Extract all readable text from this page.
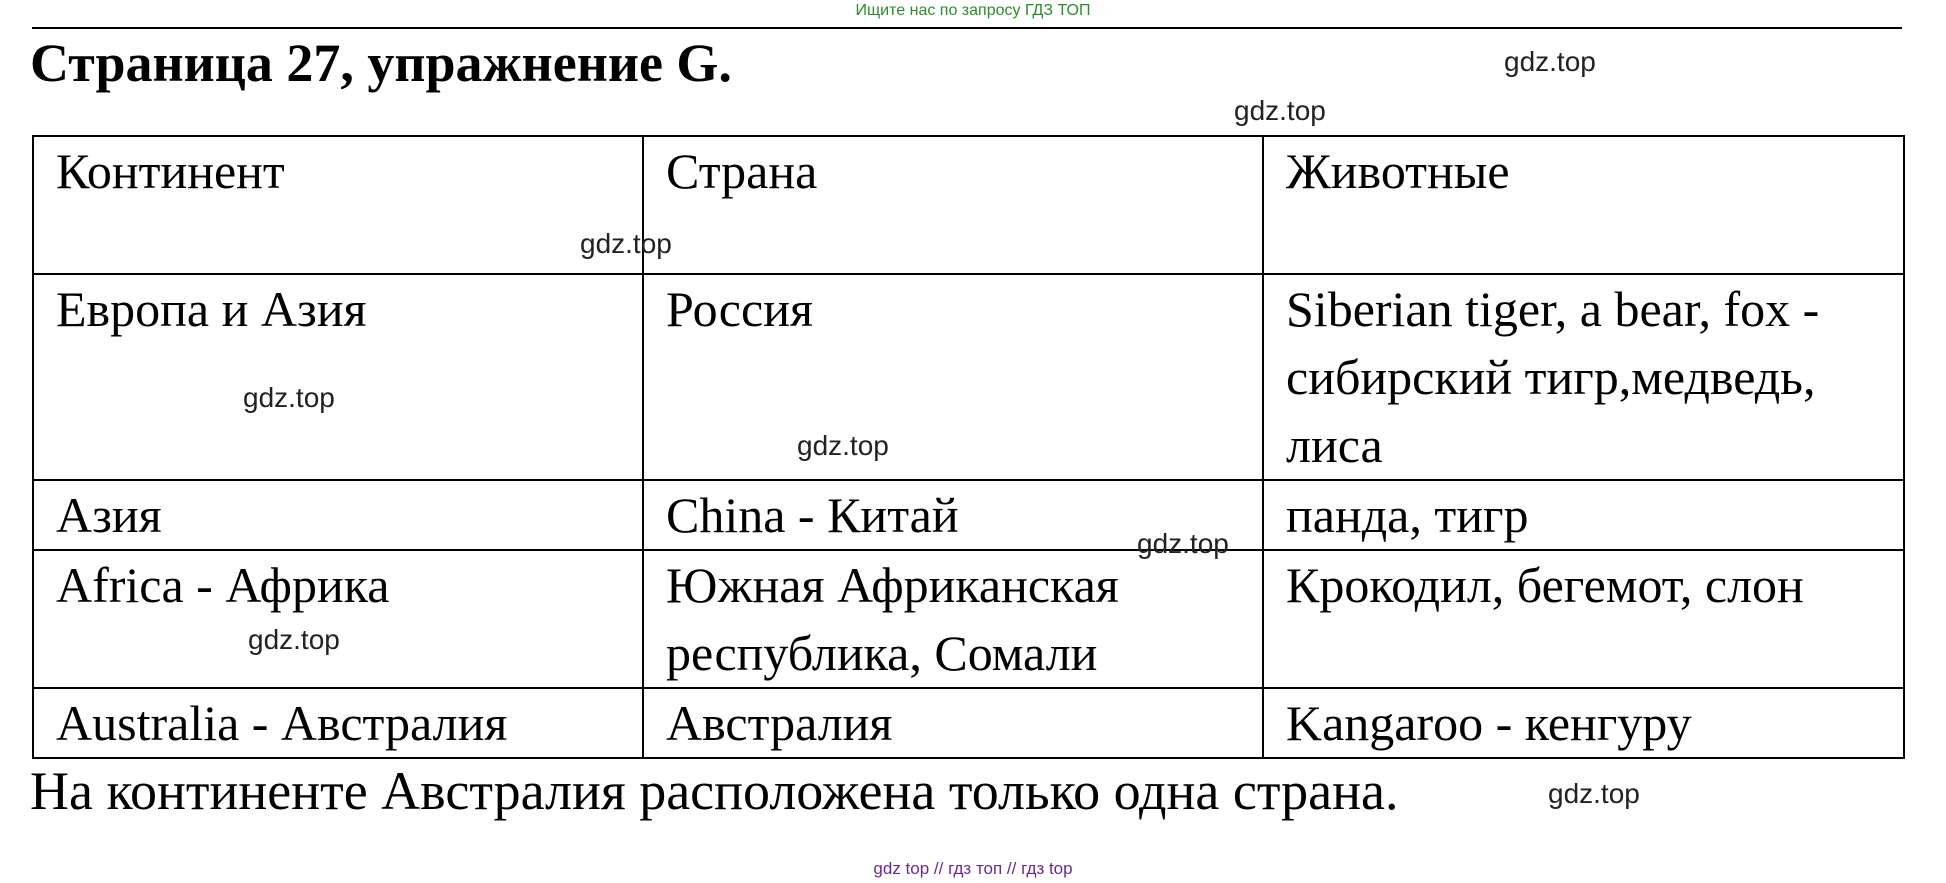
Ищите нас по запросу ГДЗ ТОП
Страница 27, упражнение G.
Континент	Страна	Животные
Европа и Азия	Россия	Siberian tiger, a bear, fox - сибирский тигр,медведь, лиса
Азия	China - Китай	панда, тигр
Africa - Африка	Южная Африканская республика, Сомали	Крокодил, бегемот, слон
Australia - Австралия	Австралия	Kangaroo - кенгуру
На континенте Австралия расположена только одна страна.
gdz.top
gdz.top
gdz.top
gdz.top
gdz.top
gdz.top
gdz.top
gdz.top
gdz top // гдз топ // гдз top
